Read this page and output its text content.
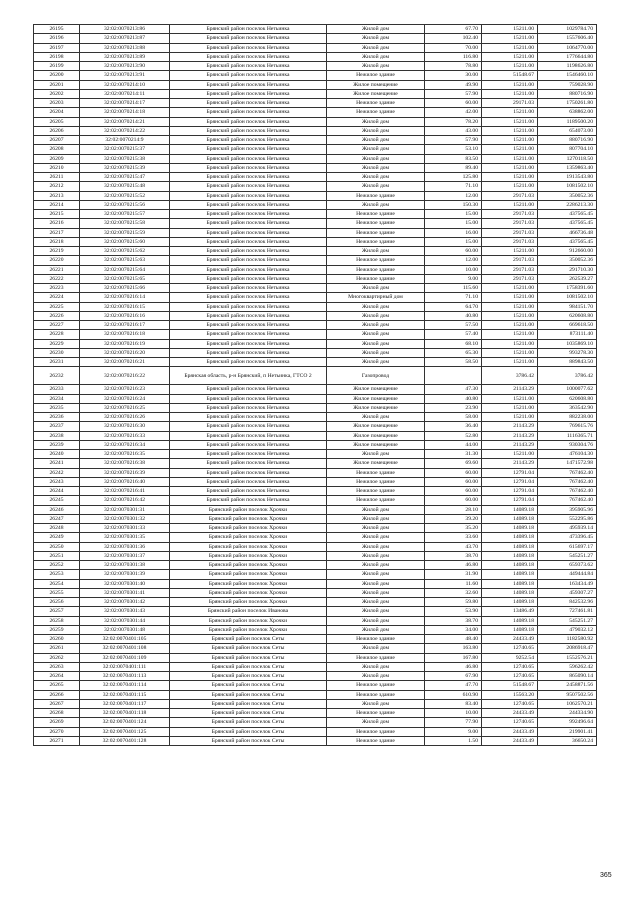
26195	32:02:0070213:86	Брянский район поселок Нетьинка	Жилой дом	67.70	15211.00	1029784.70
26196	32:02:0070213:87	Брянский район поселок Нетьинка	Жилой дом	102.40	15211.00	1557606.40
26197	32:02:0070213:88	Брянский район поселок Нетьинка	Жилой дом	70.00	15211.00	1064770.00
26198	32:02:0070213:89	Брянский район поселок Нетьинка	Жилой дом	116.80	15211.00	1776644.80
26199	32:02:0070213:90	Брянский район поселок Нетьинка	Жилой дом	78.80	15211.00	1198626.80
26200	32:02:0070213:91	Брянский район поселок Нетьинка	Нежилое здание	30.00	51548.67	1546460.10
26201	32:02:0070214:10	Брянский район поселок Нетьинка	Жилое помещение	49.90	15211.00	759028.90
26202	32:02:0070214:11	Брянский район поселок Нетьинка	Жилое помещение	57.90	15211.00	880716.90
26203	32:02:0070214:17	Брянский район поселок Нетьинка	Нежилое здание	60.00	29171.03	1750261.80
26204	32:02:0070214:18	Брянский район поселок Нетьинка	Нежилое здание	42.00	15211.00	638862.00
26205	32:02:0070214:21	Брянский район поселок Нетьинка	Жилой дом	78.20	15211.00	1189500.20
26206	32:02:0070214:22	Брянский район поселок Нетьинка	Жилой дом	43.00	15211.00	654073.00
26207	32:02:0070214:9	Брянский район поселок Нетьинка	Жилой дом	57.90	15211.00	880716.90
26208	32:02:0070215:37	Брянский район поселок Нетьинка	Жилой дом	53.10	15211.00	807704.10
26209	32:02:0070215:38	Брянский район поселок Нетьинка	Жилой дом	83.50	15211.00	1270118.50
26210	32:02:0070215:39	Брянский район поселок Нетьинка	Жилой дом	89.40	15211.00	1359863.40
26211	32:02:0070215:47	Брянский район поселок Нетьинка	Жилой дом	125.80	15211.00	1913543.80
26212	32:02:0070215:48	Брянский район поселок Нетьинка	Жилой дом	71.10	15211.00	1081502.10
26213	32:02:0070215:52	Брянский район поселок Нетьинка	Нежилое здание	12.00	29171.03	350052.36
26214	32:02:0070215:56	Брянский район поселок Нетьинка	Жилой дом	150.30	15211.00	2286213.30
26215	32:02:0070215:57	Брянский район поселок Нетьинка	Нежилое здание	15.00	29171.03	437565.45
26216	32:02:0070215:58	Брянский район поселок Нетьинка	Нежилое здание	15.00	29171.03	437565.45
26217	32:02:0070215:59	Брянский район поселок Нетьинка	Нежилое здание	16.00	29171.03	466736.48
26218	32:02:0070215:60	Брянский район поселок Нетьинка	Нежилое здание	15.00	29171.03	437565.45
26219	32:02:0070215:62	Брянский район поселок Нетьинка	Жилой дом	60.00	15211.00	912660.00
26220	32:02:0070215:63	Брянский район поселок Нетьинка	Нежилое здание	12.00	29171.03	350052.36
26221	32:02:0070215:64	Брянский район поселок Нетьинка	Нежилое здание	10.00	29171.03	291710.30
26222	32:02:0070215:65	Брянский район поселок Нетьинка	Нежилое здание	9.00	29171.03	262539.27
26223	32:02:0070215:66	Брянский район поселок Нетьинка	Жилой дом	115.60	15211.00	1758391.60
26224	32:02:0070216:14	Брянский район поселок Нетьинка	Многоквартирный дом	71.10	15211.00	1081502.10
26225	32:02:0070216:15	Брянский район поселок Нетьинка	Жилой дом	64.70	15211.00	984151.70
26226	32:02:0070216:16	Брянский район поселок Нетьинка	Жилой дом	40.80	15211.00	620608.80
26227	32:02:0070216:17	Брянский район поселок Нетьинка	Жилой дом	57.50	15211.00	669618.50
26228	32:02:0070216:18	Брянский район поселок Нетьинка	Жилой дом	57.40	15211.00	873111.40
26229	32:02:0070216:19	Брянский район поселок Нетьинка	Жилой дом	68.10	15211.00	1035869.10
26230	32:02:0070216:20	Брянский район поселок Нетьинка	Жилой дом	65.30	15211.00	993278.30
26231	32:02:0070216:21	Брянский район поселок Нетьинка	Жилой дом	58.50	15211.00	889843.50
26232	32:02:0070216:22	Брянская область, р-н Брянский, п Нетьинка, ГТСО 2	Газопровод		3786.42	3786.42
26233	32:02:0070216:23	Брянский район поселок Нетьинка	Жилое помещение	47.30	21143.29	1000077.62
26234	32:02:0070216:24	Брянский район поселок Нетьинка	Жилое помещение	40.80	15211.00	620608.80
26235	32:02:0070216:25	Брянский район поселок Нетьинка	Жилое помещение	23.90	15211.00	363542.90
26236	32:02:0070216:26	Брянский район поселок Нетьинка	Жилой дом	58.00	15211.00	882238.00
26237	32:02:0070216:30	Брянский район поселок Нетьинка	Жилое помещение	36.40	21143.29	769615.76
26238	32:02:0070216:33	Брянский район поселок Нетьинка	Жилое помещение	52.80	21143.29	1116365.71
26239	32:02:0070216:34	Брянский район поселок Нетьинка	Жилое помещение	44.00	21143.29	930304.76
26240	32:02:0070216:35	Брянский район поселок Нетьинка	Жилой дом	31.30	15211.00	476104.30
26241	32:02:0070216:38	Брянский район поселок Нетьинка	Жилое помещение	69.60	21143.29	1471572.98
26242	32:02:0070216:39	Брянский район поселок Нетьинка	Нежилое здание	60.00	12791.04	767462.40
26243	32:02:0070216:40	Брянский район поселок Нетьинка	Нежилое здание	60.00	12791.04	767462.40
26244	32:02:0070216:41	Брянский район поселок Нетьинка	Нежилое здание	60.00	12791.04	767462.40
26245	32:02:0070216:42	Брянский район поселок Нетьинка	Нежилое здание	60.00	12791.04	767462.40
26246	32:02:0070301:31	Брянский район поселок Хрочки	Жилой дом	28.10	14089.18	395905.96
26247	32:02:0070301:32	Брянский район поселок Хрочки	Жилой дом	39.20	14089.18	552295.86
26248	32:02:0070301:33	Брянский район поселок Хрочки	Жилой дом	35.20	14089.18	495939.14
26249	32:02:0070301:35	Брянский район поселок Хрочки	Жилой дом	33.60	14089.18	473396.45
26250	32:02:0070301:36	Брянский район поселок Хрочки	Жилой дом	43.70	14089.18	615697.17
26251	32:02:0070301:37	Брянский район поселок Хрочки	Жилой дом	38.70	14089.18	545251.27
26252	32:02:0070301:38	Брянский район поселок Хрочки	Жилой дом	46.80	14089.18	659373.62
26253	32:02:0070301:39	Брянский район поселок Хрочки	Жилой дом	31.90	14089.18	449444.84
26254	32:02:0070301:40	Брянский район поселок Хрочки	Жилой дом	11.60	14089.18	163434.49
26255	32:02:0070301:41	Брянский район поселок Хрочки	Жилой дом	32.60	14089.18	459307.27
26256	32:02:0070301:42	Брянский район поселок Хрочки	Жилой дом	59.80	14089.18	842532.96
26257	32:02:0070301:43	Брянский район поселок Иванова	Жилой дом	53.90	13486.49	727461.81
26258	32:02:0070301:44	Брянский район поселок Хрочки	Жилой дом	38.70	14089.18	545251.27
26259	32:02:0070301:48	Брянский район поселок Хрочки	Жилой дом	34.00	14089.18	479032.12
26260	32:02:0070401:105	Брянский район поселок Сеты	Нежилое здание	48.40	24433.49	1182580.92
26261	32:02:0070401:108	Брянский район поселок Сеты	Жилой дом	163.80	12740.65	2086918.47
26262	32:02:0070401:109	Брянский район поселок Сеты	Нежилое здание	167.80	9252.54	1552576.21
26263	32:02:0070401:111	Брянский район поселок Сеты	Жилой дом	46.80	12740.65	596262.42
26264	32:02:0070401:113	Брянский район поселок Сеты	Жилой дом	67.90	12740.65	865090.14
26265	32:02:0070401:114	Брянский район поселок Сеты	Нежилое здание	47.70	51548.67	2458871.56
26266	32:02:0070401:115	Брянский район поселок Сеты	Нежилое здание	610.90	15563.20	9507502.56
26267	32:02:0070401:117	Брянский район поселок Сеты	Жилой дом	83.40	12740.65	1062570.21
26268	32:02:0070401:118	Брянский район поселок Сеты	Нежилое здание	10.00	24433.49	244334.90
26269	32:02:0070401:124	Брянский район поселок Сеты	Жилой дом	77.90	12740.65	992496.64
26270	32:02:0070401:125	Брянский район поселок Сеты	Нежилое здание	9.00	24433.49	219901.41
26271	32:02:0070401:128	Брянский район поселок Сеты	Нежилое здание	1.50	24433.49	36650.24
365
